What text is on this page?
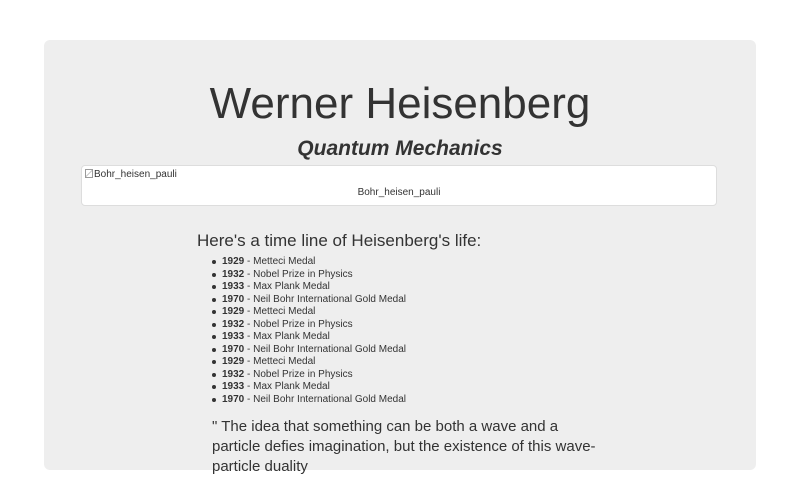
Werner Heisenberg
Quantum Mechanics
Bohr_heisen_pauli
Bohr_heisen_pauli
Here's a time line of Heisenberg's life:
1929 - Metteci Medal
1932 - Nobel Prize in Physics
1933 - Max Plank Medal
1970 - Neil Bohr International Gold Medal
1929 - Metteci Medal
1932 - Nobel Prize in Physics
1933 - Max Plank Medal
1970 - Neil Bohr International Gold Medal
1929 - Metteci Medal
1932 - Nobel Prize in Physics
1933 - Max Plank Medal
1970 - Neil Bohr International Gold Medal

" The idea that something can be both a wave and a particle defies imagination, but the existence of this wave-particle duality
